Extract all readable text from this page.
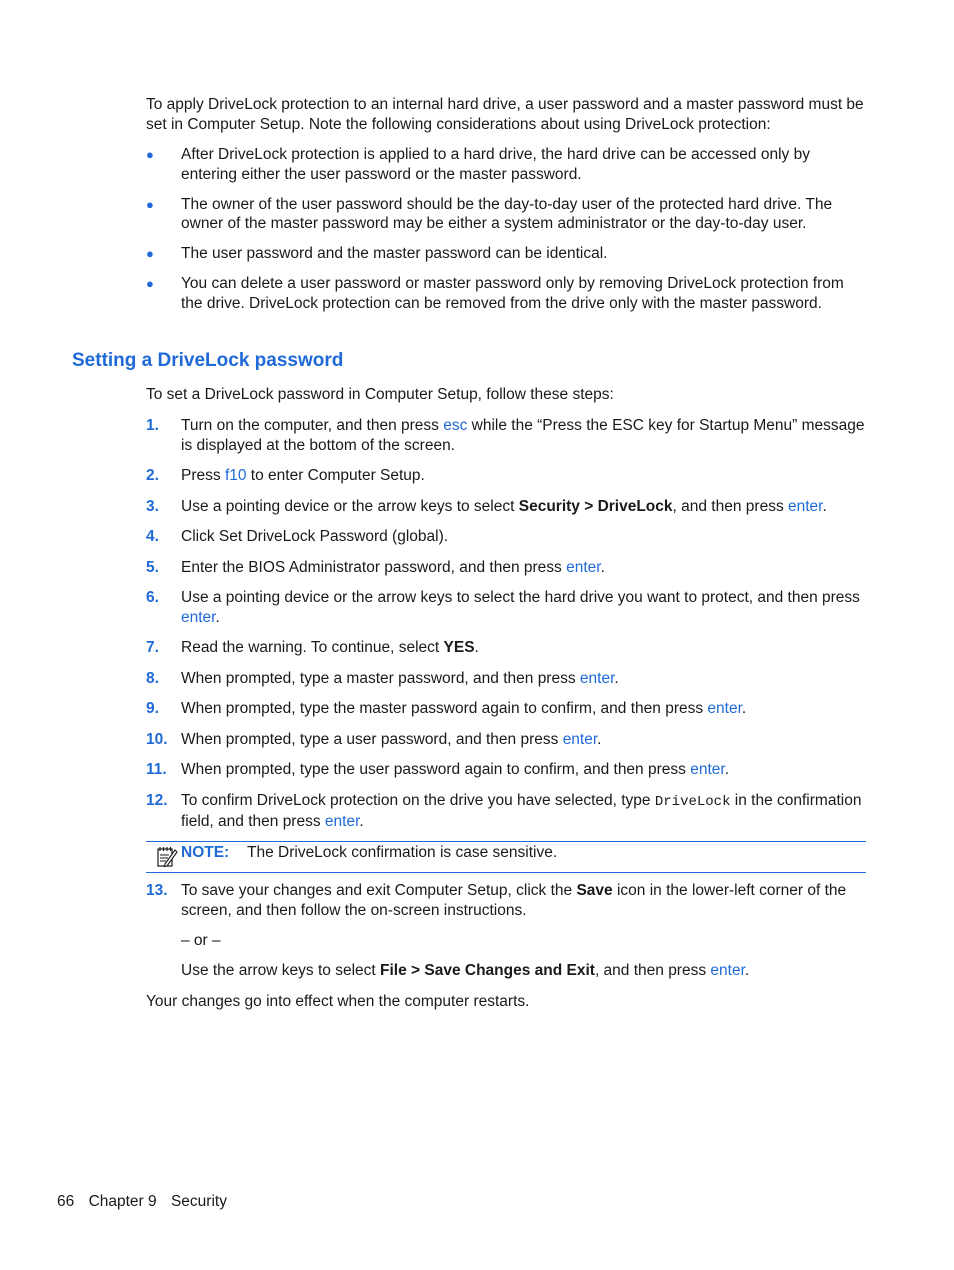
To apply DriveLock protection to an internal hard drive, a user password and a master password must be set in Computer Setup. Note the following considerations about using DriveLock protection:
●	After DriveLock protection is applied to a hard drive, the hard drive can be accessed only by entering either the user password or the master password.
●	The owner of the user password should be the day-to-day user of the protected hard drive. The owner of the master password may be either a system administrator or the day-to-day user.
●	The user password and the master password can be identical.
●	You can delete a user password or master password only by removing DriveLock protection from the drive. DriveLock protection can be removed from the drive only with the master password.
Setting a DriveLock password
To set a DriveLock password in Computer Setup, follow these steps:
1.	Turn on the computer, and then press esc while the “Press the ESC key for Startup Menu” message is displayed at the bottom of the screen.
2.	Press f10 to enter Computer Setup.
3.	Use a pointing device or the arrow keys to select Security > DriveLock, and then press enter.
4.	Click Set DriveLock Password (global).
5.	Enter the BIOS Administrator password, and then press enter.
6.	Use a pointing device or the arrow keys to select the hard drive you want to protect, and then press enter.
7.	Read the warning. To continue, select YES.
8.	When prompted, type a master password, and then press enter.
9.	When prompted, type the master password again to confirm, and then press enter.
10. When prompted, type a user password, and then press enter.
11. When prompted, type the user password again to confirm, and then press enter.
12. To confirm DriveLock protection on the drive you have selected, type DriveLock in the confirmation field, and then press enter.
NOTE: The DriveLock confirmation is case sensitive.
13. To save your changes and exit Computer Setup, click the Save icon in the lower-left corner of the screen, and then follow the on-screen instructions.
– or –
Use the arrow keys to select File > Save Changes and Exit, and then press enter.
Your changes go into effect when the computer restarts.
66 Chapter 9 Security
